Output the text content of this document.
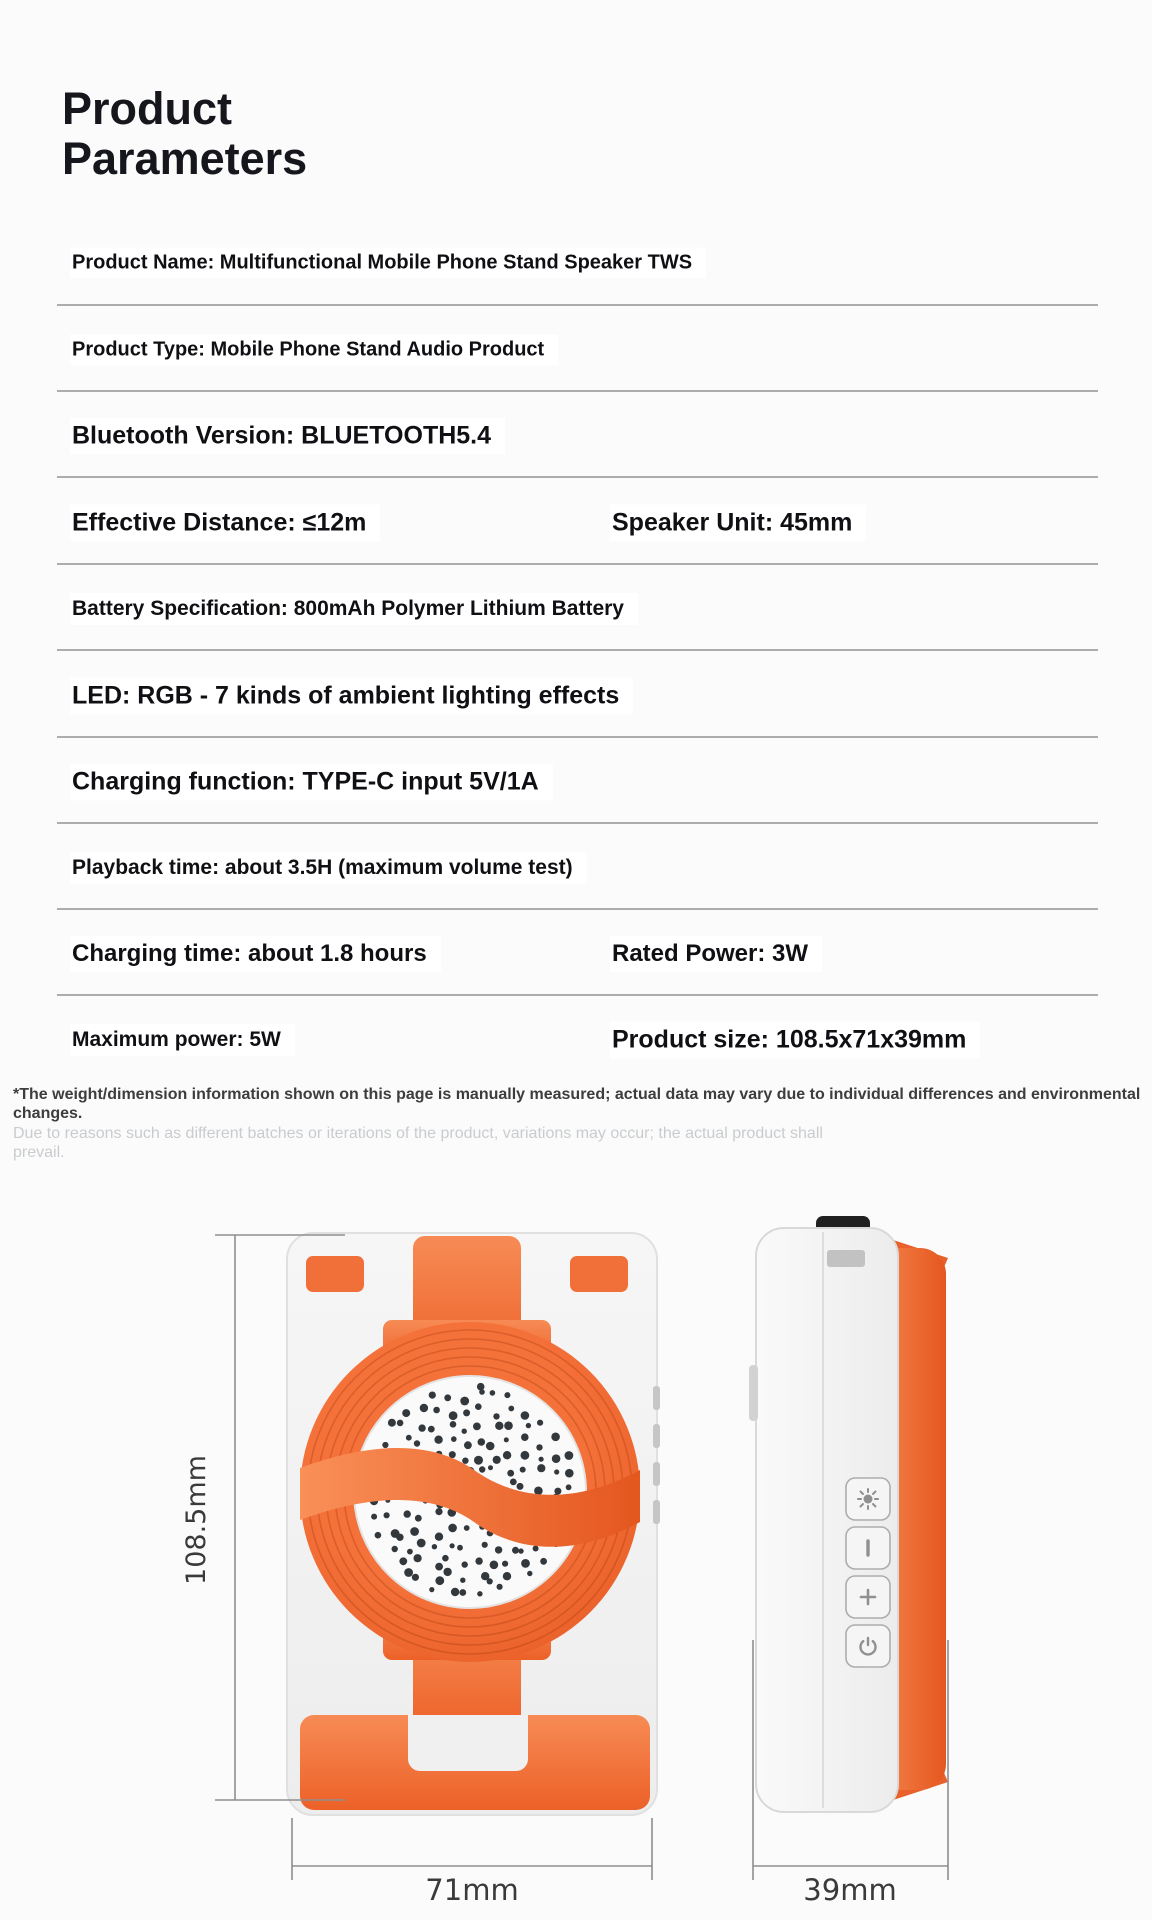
Product
Parameters
Product Name: Multifunctional Mobile Phone Stand Speaker TWS
Product Type: Mobile Phone Stand Audio Product
Bluetooth Version: BLUETOOTH5.4
Effective Distance: ≤12m	Speaker Unit: 45mm
Battery Specification: 800mAh Polymer Lithium Battery
LED: RGB - 7 kinds of ambient lighting effects
Charging function: TYPE-C input 5V/1A
Playback time: about 3.5H (maximum volume test)
Charging time: about 1.8 hours	Rated Power: 3W
Maximum power: 5W	Product size: 108.5x71x39mm
*The weight/dimension information shown on this page is manually measured; actual data may vary due to individual differences and environmental
changes.
Due to reasons such as different batches or iterations of the product, variations may occur; the actual product shall
prevail.
108.5mm
71mm	39mm
